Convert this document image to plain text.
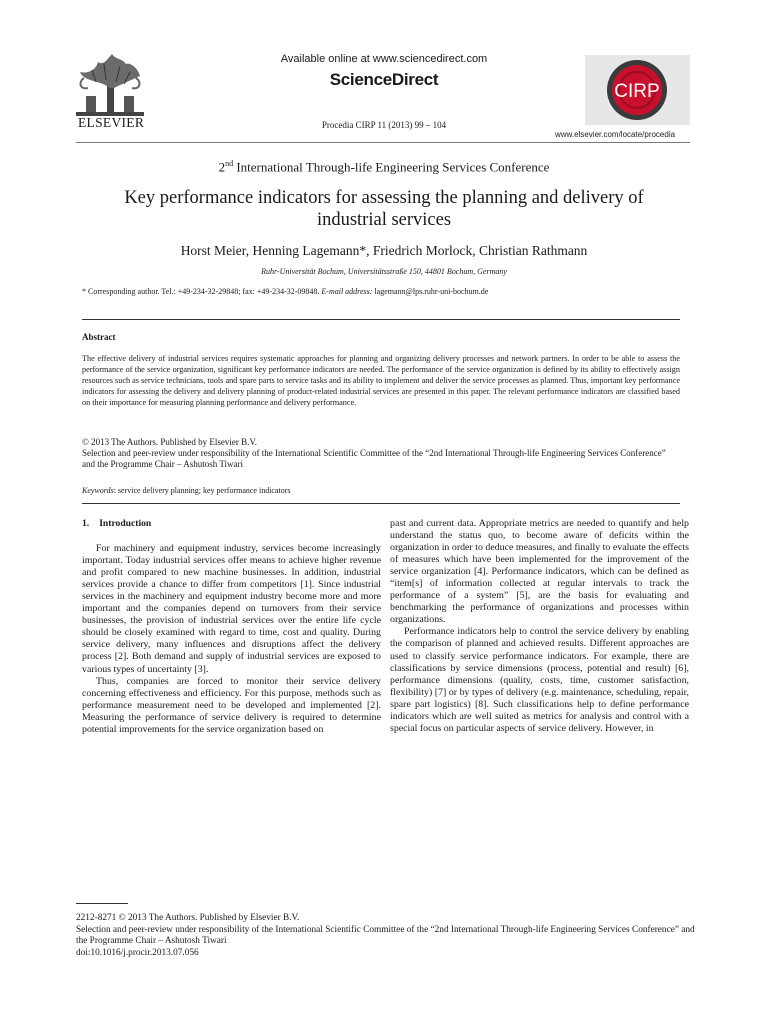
ELSEVIER
Available online at www.sciencedirect.com
ScienceDirect
Procedia CIRP 11 (2013) 99 – 104
CIRP
www.elsevier.com/locate/procedia
2nd International Through-life Engineering Services Conference
Key performance indicators for assessing the planning and delivery of industrial services
Horst Meier, Henning Lagemann*, Friedrich Morlock, Christian Rathmann
Ruhr-Universität Bochum, Universitätsstraße 150, 44801 Bochum, Germany
* Corresponding author. Tel.: +49-234-32-29848; fax: +49-234-32-09848. E-mail address: lagemann@lps.ruhr-uni-bochum.de
Abstract
The effective delivery of industrial services requires systematic approaches for planning and organizing delivery processes and network partners. In order to be able to assess the performance of the service organization, significant key performance indicators are needed. The performance of the service organization is defined by its ability to effectively assign resources such as service technicians, tools and spare parts to service tasks and its ability to implement and deliver the service processes as planned. Thus, important key performance indicators for assessing the delivery and delivery planning of product-related industrial services are presented in this paper. The relevant performance indicators are classified based on their importance for measuring planning performance and delivery performance.
© 2013 The Authors. Published by Elsevier B.V.
Selection and peer-review under responsibility of the International Scientific Committee of the “2nd International Through-life Engineering Services Conference” and the Programme Chair – Ashutosh Tiwari
Keywords: service delivery planning; key performance indicators
1. Introduction

For machinery and equipment industry, services become increasingly important. Today industrial services offer means to achieve higher revenue and profit compared to new machine businesses. In addition, industrial services provide a chance to differ from competitors [1]. Since industrial services in the machinery and equipment industry become more and more important and the companies depend on turnovers from their service businesses, the provision of industrial services over the entire life cycle should be closely examined with regard to time, cost and quality. During service delivery, many influences and disruptions affect the delivery process [2]. Both demand and supply of industrial services are exposed to various types of uncertainty [3].

Thus, companies are forced to monitor their service delivery concerning effectiveness and efficiency. For this purpose, methods such as performance measurement need to be developed and implemented [2]. Measuring the performance of service delivery is required to determine potential improvements for the service organization based on

past and current data. Appropriate metrics are needed to quantify and help understand the status quo, to become aware of deficits within the organization in order to deduce measures, and finally to evaluate the effects of measures which have been implemented for the improvement of the service organization [4]. Performance indicators, which can be defined as “item[s] of information collected at regular intervals to track the performance of a system” [5], are the basis for evaluating and benchmarking the performance of organizations and processes within organizations.

Performance indicators help to control the service delivery by enabling the comparison of planned and achieved results. Different approaches are used to classify service performance indicators. For example, there are classifications by service dimensions (process, potential and result) [6], performance dimensions (quality, costs, time, customer satisfaction, flexibility) [7] or by types of delivery (e.g. maintenance, scheduling, repair, spare part logistics) [8]. Such classifications help to define performance indicators which are well suited as metrics for analysis and control with a special focus on particular aspects of service delivery. However, in

2212-8271 © 2013 The Authors. Published by Elsevier B.V.
Selection and peer-review under responsibility of the International Scientific Committee of the “2nd International Through-life Engineering Services Conference” and the Programme Chair – Ashutosh Tiwari
doi:10.1016/j.procir.2013.07.056
